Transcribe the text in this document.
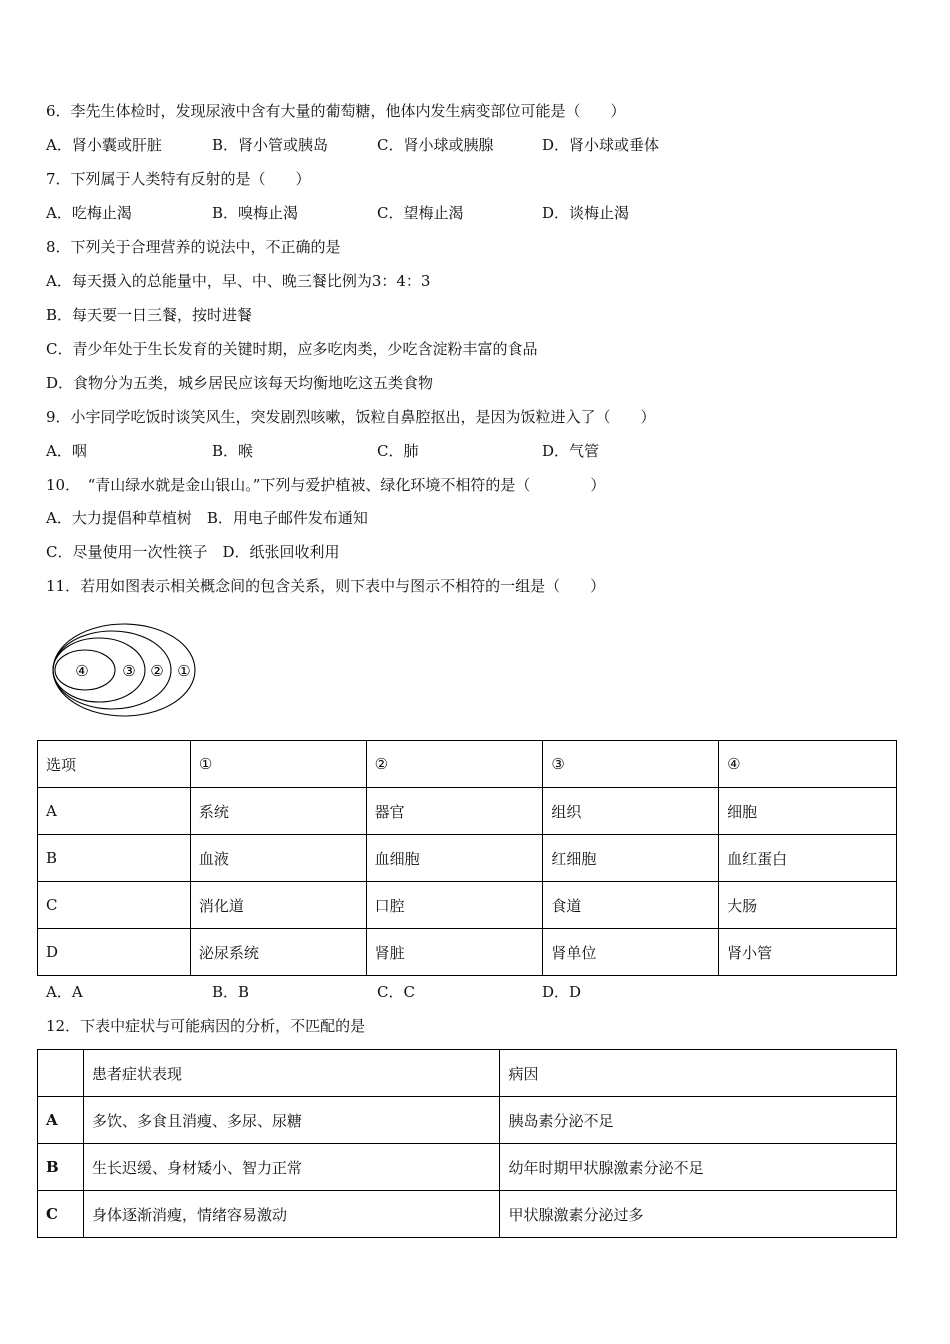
6．李先生体检时，发现尿液中含有大量的葡萄糖，他体内发生病变部位可能是（　　）
A．肾小囊或肝脏	B．肾小管或胰岛	C．肾小球或胰腺	D．肾小球或垂体
7．下列属于人类特有反射的是（　　）
A．吃梅止渴	B．嗅梅止渴	C．望梅止渴	D．谈梅止渴
8．下列关于合理营养的说法中，不正确的是
A．每天摄入的总能量中，早、中、晚三餐比例为3：4：3
B．每天要一日三餐，按时进餐
C．青少年处于生长发育的关键时期，应多吃肉类，少吃含淀粉丰富的食品
D．食物分为五类，城乡居民应该每天均衡地吃这五类食物
9．小宇同学吃饭时谈笑风生，突发剧烈咳嗽，饭粒自鼻腔抠出，是因为饭粒进入了（　　）
A．咽	B．喉	C．肺	D．气管
10．　“青山绿水就是金山银山。”下列与爱护植被、绿化环境不相符的是（　　　　）
A．大力提倡种草植树　B．用电子邮件发布通知
C．尽量使用一次性筷子　D．纸张回收利用
11．若用如图表示相关概念间的包含关系，则下表中与图示不相符的一组是（　　）
④ ③ ② ①
选项	①	②	③	④
A	系统	器官	组织	细胞
B	血液	血细胞	红细胞	血红蛋白
C	消化道	口腔	食道	大肠
D	泌尿系统	肾脏	肾单位	肾小管
A．A	B．B	C．C	D．D
12．下表中症状与可能病因的分析，不匹配的是
	患者症状表现	病因
A	多饮、多食且消瘦、多尿、尿糖	胰岛素分泌不足
B	生长迟缓、身材矮小、智力正常	幼年时期甲状腺激素分泌不足
C	身体逐渐消瘦，情绪容易激动	甲状腺激素分泌过多
